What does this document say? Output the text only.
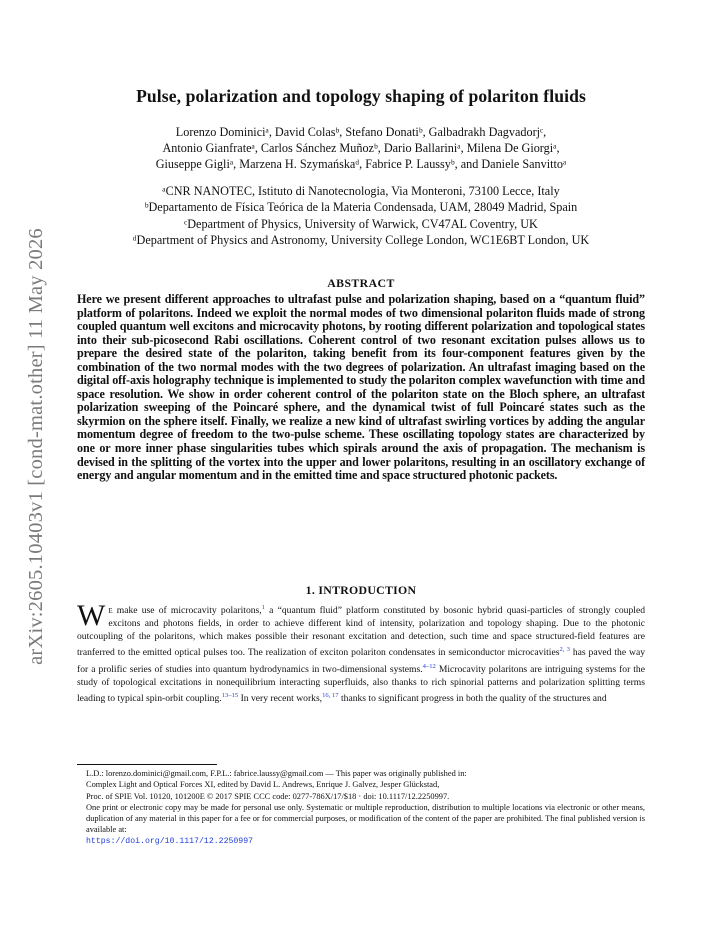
arXiv:2605.10403v1 [cond-mat.other] 11 May 2026
Pulse, polarization and topology shaping of polariton fluids
Lorenzo Dominiciᵃ, David Colasᵇ, Stefano Donatiᵇ, Galbadrakh Dagvadorjᶜ,
Antonio Gianfrateᵃ, Carlos Sánchez Muñozᵇ, Dario Ballariniᵃ, Milena De Giorgiᵃ,
Giuseppe Gigliᵃ, Marzena H. Szymańskaᵈ, Fabrice P. Laussyᵇ, and Daniele Sanvittoᵃ
ᵃCNR NANOTEC, Istituto di Nanotecnologia, Via Monteroni, 73100 Lecce, Italy
ᵇDepartamento de Física Teórica de la Materia Condensada, UAM, 28049 Madrid, Spain
ᶜDepartment of Physics, University of Warwick, CV47AL Coventry, UK
ᵈDepartment of Physics and Astronomy, University College London, WC1E6BT London, UK
ABSTRACT
Here we present different approaches to ultrafast pulse and polarization shaping, based on a “quantum fluid” platform of polaritons. Indeed we exploit the normal modes of two dimensional polariton fluids made of strong coupled quantum well excitons and microcavity photons, by rooting different polarization and topological states into their sub-picosecond Rabi oscillations. Coherent control of two resonant excitation pulses allows us to prepare the desired state of the polariton, taking benefit from its four-component features given by the combination of the two normal modes with the two degrees of polarization. An ultrafast imaging based on the digital off-axis holography technique is implemented to study the polariton complex wavefunction with time and space resolution. We show in order coherent control of the polariton state on the Bloch sphere, an ultrafast polarization sweeping of the Poincaré sphere, and the dynamical twist of full Poincaré states such as the skyrmion on the sphere itself. Finally, we realize a new kind of ultrafast swirling vortices by adding the angular momentum degree of freedom to the two-pulse scheme. These oscillating topology states are characterized by one or more inner phase singularities tubes which spirals around the axis of propagation. The mechanism is devised in the splitting of the vortex into the upper and lower polaritons, resulting in an oscillatory exchange of energy and angular momentum and in the emitted time and space structured photonic packets.
1. INTRODUCTION
We make use of microcavity polaritons,$^1$ a “quantum fluid” platform constituted by bosonic hybrid quasi-particles of strongly coupled excitons and photons fields, in order to achieve different kind of intensity, polarization and topology shaping. Due to the photonic outcoupling of the polaritons, which makes possible their resonant excitation and detection, such time and space structured-field features are tranferred to the emitted optical pulses too. The realization of exciton polariton condensates in semiconductor microcavities$^{2, 3}$ has paved the way for a prolific series of studies into quantum hydrodynamics in two-dimensional systems.$^{4-12}$ Microcavity polaritons are intriguing systems for the study of topological excitations in nonequilibrium interacting superfluids, also thanks to rich spinorial patterns and polarization splitting terms leading to typical spin-orbit coupling.$^{13-15}$ In very recent works,$^{16, 17}$ thanks to significant progress in both the quality of the structures and
L.D.: lorenzo.dominici@gmail.com, F.P.L.: fabrice.laussy@gmail.com — This paper was originally published in:
Complex Light and Optical Forces XI, edited by David L. Andrews, Enrique J. Galvez, Jesper Glückstad,
Proc. of SPIE Vol. 10120, 101200E © 2017 SPIE CCC code: 0277-786X/17/$18 · doi: 10.1117/12.2250997.
One print or electronic copy may be made for personal use only. Systematic or multiple reproduction, distribution to multiple locations via electronic or other means, duplication of any material in this paper for a fee or for commercial purposes, or modification of the content of the paper are prohibited. The final published version is available at:
https://doi.org/10.1117/12.2250997
